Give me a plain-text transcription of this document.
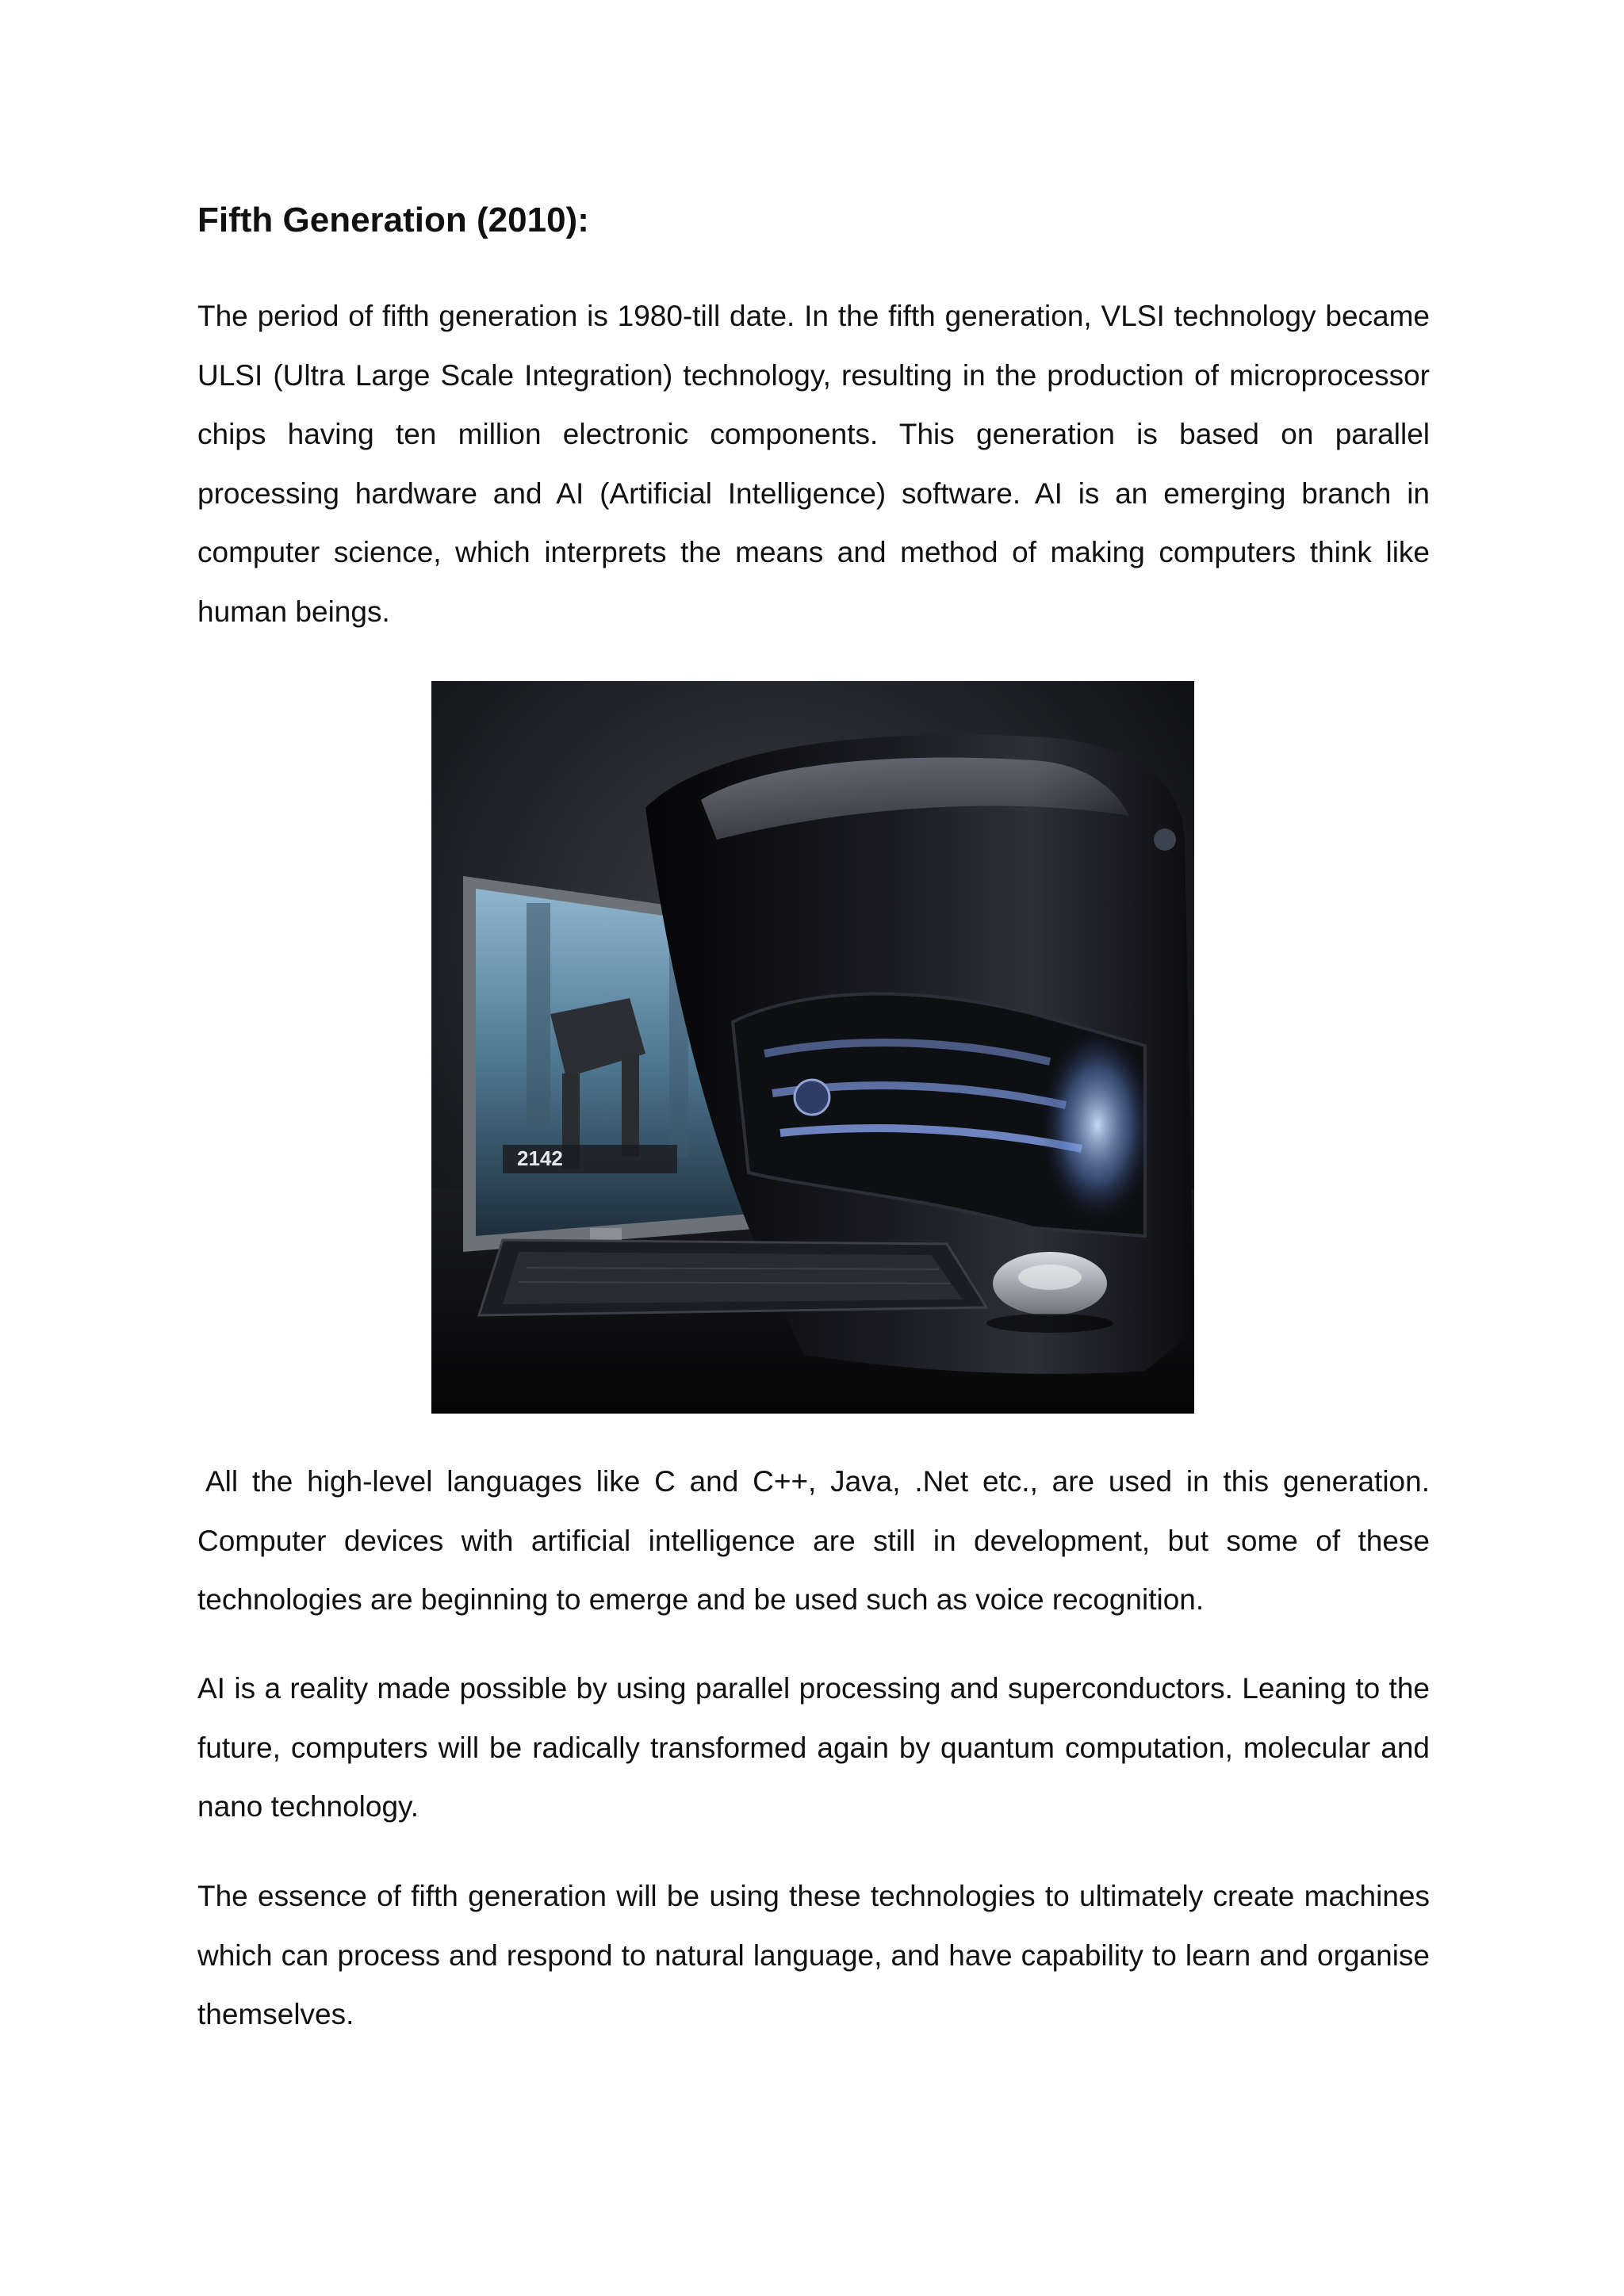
Fifth Generation (2010):

The period of fifth generation is 1980-till date. In the fifth generation, VLSI technology became ULSI (Ultra Large Scale Integration) technology, resulting in the production of microprocessor chips having ten million electronic components. This generation is based on parallel processing hardware and AI (Artificial Intelligence) software. AI is an emerging branch in computer science, which interprets the means and method of making computers think like human beings.

2142

All the high-level languages like C and C++, Java, .Net etc., are used in this generation. Computer devices with artificial intelligence are still in development, but some of these technologies are beginning to emerge and be used such as voice recognition.

AI is a reality made possible by using parallel processing and superconductors. Leaning to the future, computers will be radically transformed again by quantum computation, molecular and nano technology.

The essence of fifth generation will be using these technologies to ultimately create machines which can process and respond to natural language, and have capability to learn and organise themselves.
